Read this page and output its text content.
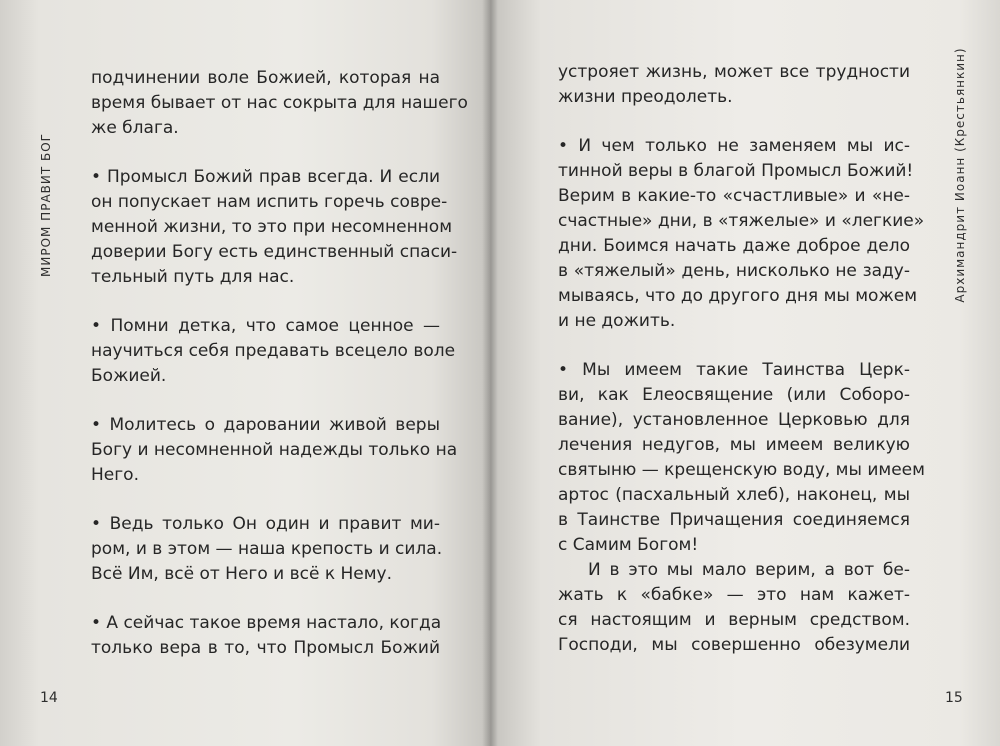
МИРОМ ПРАВИТ БОГ

подчинении воле Божией, которая на
время бывает от нас сокрыта для нашего
же блага.

• Промысл Божий прав всегда. И если
он попускает нам испить горечь совре-
менной жизни, то это при несомненном
доверии Богу есть единственный спаси-
тельный путь для нас.

• Помни детка, что самое ценное —
научиться себя предавать всецело воле
Божией.

• Молитесь о даровании живой веры
Богу и несомненной надежды только на
Него.

• Ведь только Он один и правит ми-
ром, и в этом — наша крепость и сила.
Всё Им, всё от Него и всё к Нему.

• А сейчас такое время настало, когда
только вера в то, что Промысл Божий

14

устрояет жизнь, может все трудности
жизни преодолеть.

• И чем только не заменяем мы ис-
тинной веры в благой Промысл Божий!
Верим в какие-то «счастливые» и «не-
счастные» дни, в «тяжелые» и «легкие»
дни. Боимся начать даже доброе дело
в «тяжелый» день, нисколько не заду-
мываясь, что до другого дня мы можем
и не дожить.

• Мы имеем такие Таинства Церк-
ви, как Елеосвящение (или Соборо-
вание), установленное Церковью для
лечения недугов, мы имеем великую
святыню — крещенскую воду, мы имеем
артос (пасхальный хлеб), наконец, мы
в Таинстве Причащения соединяемся
с Самим Богом!

И в это мы мало верим, а вот бе-
жать к «бабке» — это нам кажет-
ся настоящим и верным средством.
Господи, мы совершенно обезумели

Архимандрит Иоанн (Крестьянкин)
15
